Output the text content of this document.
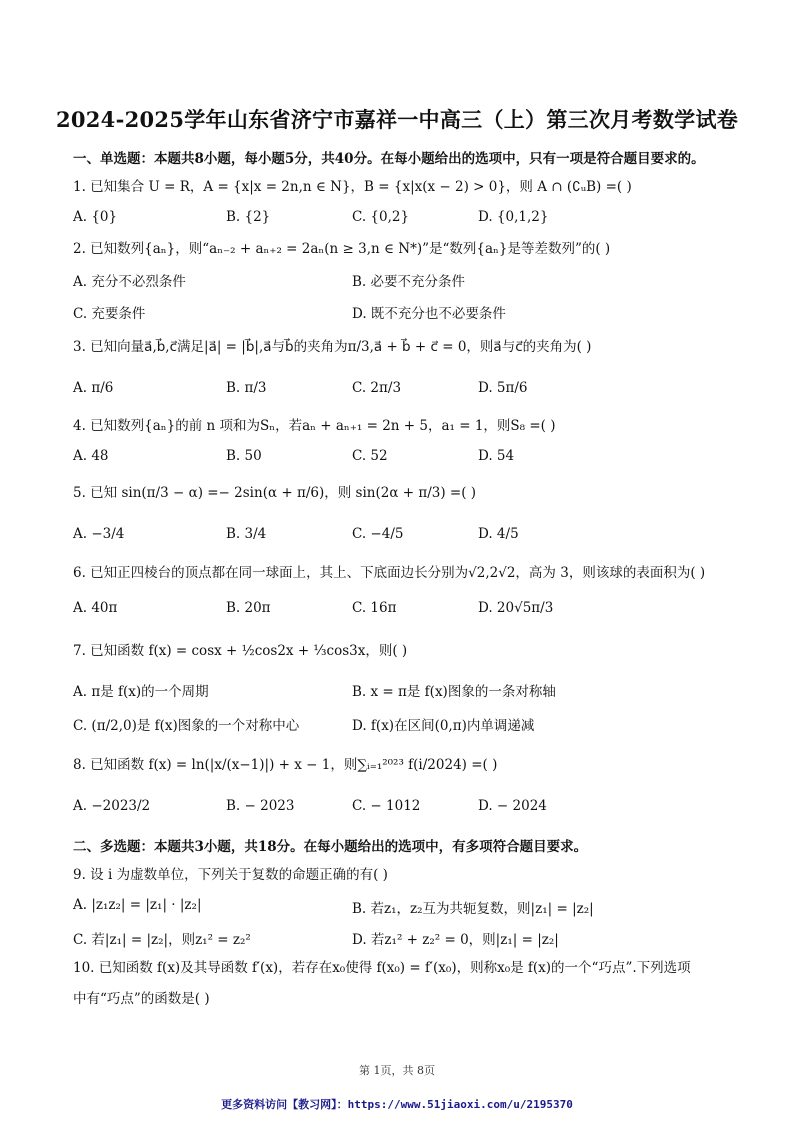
2024-2025学年山东省济宁市嘉祥一中高三（上）第三次月考数学试卷
一、单选题：本题共8小题，每小题5分，共40分。在每小题给出的选项中，只有一项是符合题目要求的。
1. 已知集合 U = R，A = {x|x = 2n,n ∈ N}，B = {x|x(x − 2) > 0}，则 A ∩ (∁ᵤB) =( )
A. {0}	B. {2}	C. {0,2}	D. {0,1,2}
2. 已知数列{aₙ}，则“aₙ₋₂ + aₙ₊₂ = 2aₙ(n ≥ 3,n ∈ N*)”是“数列{aₙ}是等差数列”的( )
A. 充分不必烈条件	B. 必要不充分条件
C. 充要条件	D. 既不充分也不必要条件
3. 已知向量a⃗,b⃗,c⃗满足|a⃗| = |b⃗|,a⃗与b⃗的夹角为π/3,a⃗ + b⃗ + c⃗ = 0，则a⃗与c⃗的夹角为( )
A. π/6	B. π/3	C. 2π/3	D. 5π/6
4. 已知数列{aₙ}的前 n 项和为Sₙ，若aₙ + aₙ₊₁ = 2n + 5，a₁ = 1，则S₈ =( )
A. 48	B. 50	C. 52	D. 54
5. 已知 sin(π/3 − α) =− 2sin(α + π/6)，则 sin(2α + π/3) =( )
A. −3/4	B. 3/4	C. −4/5	D. 4/5
6. 已知正四棱台的顶点都在同一球面上，其上、下底面边长分别为√2,2√2，高为 3，则该球的表面积为( )
A. 40π	B. 20π	C. 16π	D. 20√5π/3
7. 已知函数 f(x) = cosx + ½cos2x + ⅓cos3x，则( )
A. π是 f(x)的一个周期	B. x = π是 f(x)图象的一条对称轴
C. (π/2,0)是 f(x)图象的一个对称中心	D. f(x)在区间(0,π)内单调递减
8. 已知函数 f(x) = ln(|x/(x−1)|) + x − 1，则∑ᵢ₌₁²⁰²³ f(i/2024) =( )
A. −2023/2	B. − 2023	C. − 1012	D. − 2024
二、多选题：本题共3小题，共18分。在每小题给出的选项中，有多项符合题目要求。
9. 设 i 为虚数单位，下列关于复数的命题正确的有( )
A. |z₁z₂| = |z₁| · |z₂|	B. 若z₁，z₂互为共轭复数，则|z₁| = |z₂|
C. 若|z₁| = |z₂|，则z₁² = z₂²	D. 若z₁² + z₂² = 0，则|z₁| = |z₂|
10. 已知函数 f(x)及其导函数 f′(x)，若存在x₀使得 f(x₀) = f′(x₀)，则称x₀是 f(x)的一个“巧点”.下列选项
中有“巧点”的函数是( )
第 1页，共 8页
更多资料访问【教习网】：https://www.51jiaoxi.com/u/2195370
